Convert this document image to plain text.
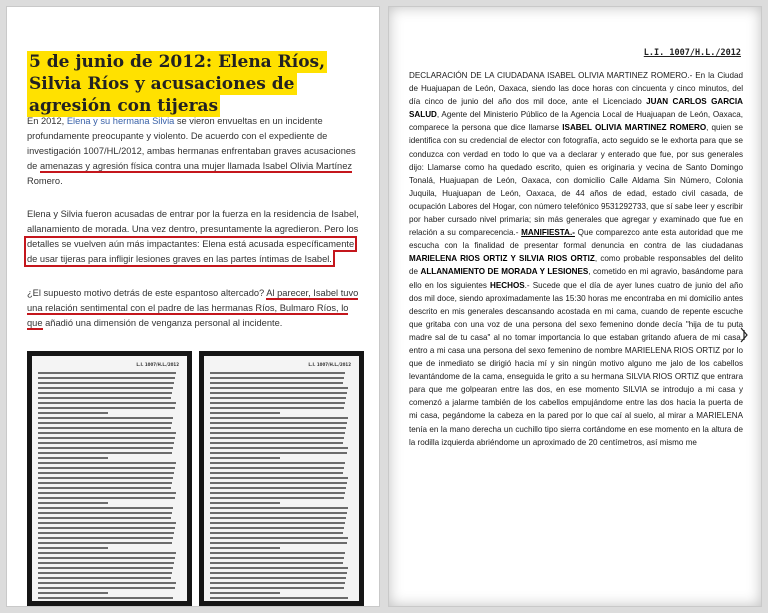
5 de junio de 2012: Elena Ríos, Silvia Ríos y acusaciones de agresión con tijeras

En 2012, Elena y su hermana Silvia se vieron envueltas en un incidente profundamente preocupante y violento. De acuerdo con el expediente de investigación 1007/HL/2012, ambas hermanas enfrentaban graves acusaciones de amenazas y agresión física contra una mujer llamada Isabel Olivia Martínez Romero.

Elena y Silvia fueron acusadas de entrar por la fuerza en la residencia de Isabel, allanamiento de morada. Una vez dentro, presuntamente la agredieron. Pero los detalles se vuelven aún más impactantes: Elena está acusada específicamente de usar tijeras para infligir lesiones graves en las partes íntimas de Isabel.

¿El supuesto motivo detrás de este espantoso altercado? Al parecer, Isabel tuvo una relación sentimental con el padre de las hermanas Ríos, Bulmaro Ríos, lo que añadió una dimensión de venganza personal al incidente.

L.I. 1007/H.L./2012	L.I. 1007/H.L./2012

L.I. 1007/H.L./2012

DECLARACIÓN DE LA CIUDADANA ISABEL OLIVIA MARTINEZ ROMERO.- En la Ciudad de Huajuapan de León, Oaxaca, siendo las doce horas con cincuenta y cinco minutos, del día cinco de junio del año dos mil doce, ante el Licenciado JUAN CARLOS GARCIA SALUD, Agente del Ministerio Público de la Agencia Local de Huajuapan de León, Oaxaca, comparece la persona que dice llamarse ISABEL OLIVIA MARTINEZ ROMERO, quien se identifica con su credencial de elector con fotografía, acto seguido se le exhorta para que se conduzca con verdad en todo lo que va a declarar y enterado que fue, por sus generales dijo: Llamarse como ha quedado escrito, quien es originaria y vecina de Santo Domingo Tonalá, Huajuapan de León, Oaxaca, con domicilio Calle Aldama Sin Número, Colonia Juquila, Huajuapan de León, Oaxaca, de 44 años de edad, estado civil casada, de ocupación Labores del Hogar, con número telefónico 9531292733, que sí sabe leer y escribir por haber cursado nivel primaria; sin más generales que agregar y examinado que fue en relación a su comparecencia.- MANIFIESTA.- Que comparezco ante esta autoridad que me escucha con la finalidad de presentar formal denuncia en contra de las ciudadanas MARIELENA RIOS ORTIZ Y SILVIA RIOS ORTIZ, como probable responsables del delito de ALLANAMIENTO DE MORADA Y LESIONES, cometido en mi agravio, basándome para ello en los siguientes HECHOS.- Sucede que el día de ayer lunes cuatro de junio del año dos mil doce, siendo aproximadamente las 15:30 horas me encontraba en mi domicilio antes descrito en mis generales descansando acostada en mi cama, cuando de repente escuche que gritaba con una voz de una persona del sexo femenino donde decía "hija de tu puta madre sal de tu casa" al no tomar importancia lo que estaban gritando afuera de mi casa, entro a mi casa una persona del sexo femenino de nombre MARIELENA RIOS ORTIZ por lo que de inmediato se dirigió hacia mí y sin ningún motivo alguno me jalo de los cabellos levantándome de la cama, enseguida le grito a su hermana SILVIA RIOS ORTIZ que entrara para que me golpearan entre las dos, en ese momento SILVIA se introdujo a mi casa y comenzó a jalarme también de los cabellos empujándome entre las dos hacia la puerta de mi casa, pegándome la cabeza en la pared por lo que caí al suelo, al mirar a MARIELENA tenía en la mano derecha un cuchillo tipo sierra cortándome en ese momento en la altura de la rodilla izquierda abriéndome un aproximado de 20 centímetros, así mismo me
